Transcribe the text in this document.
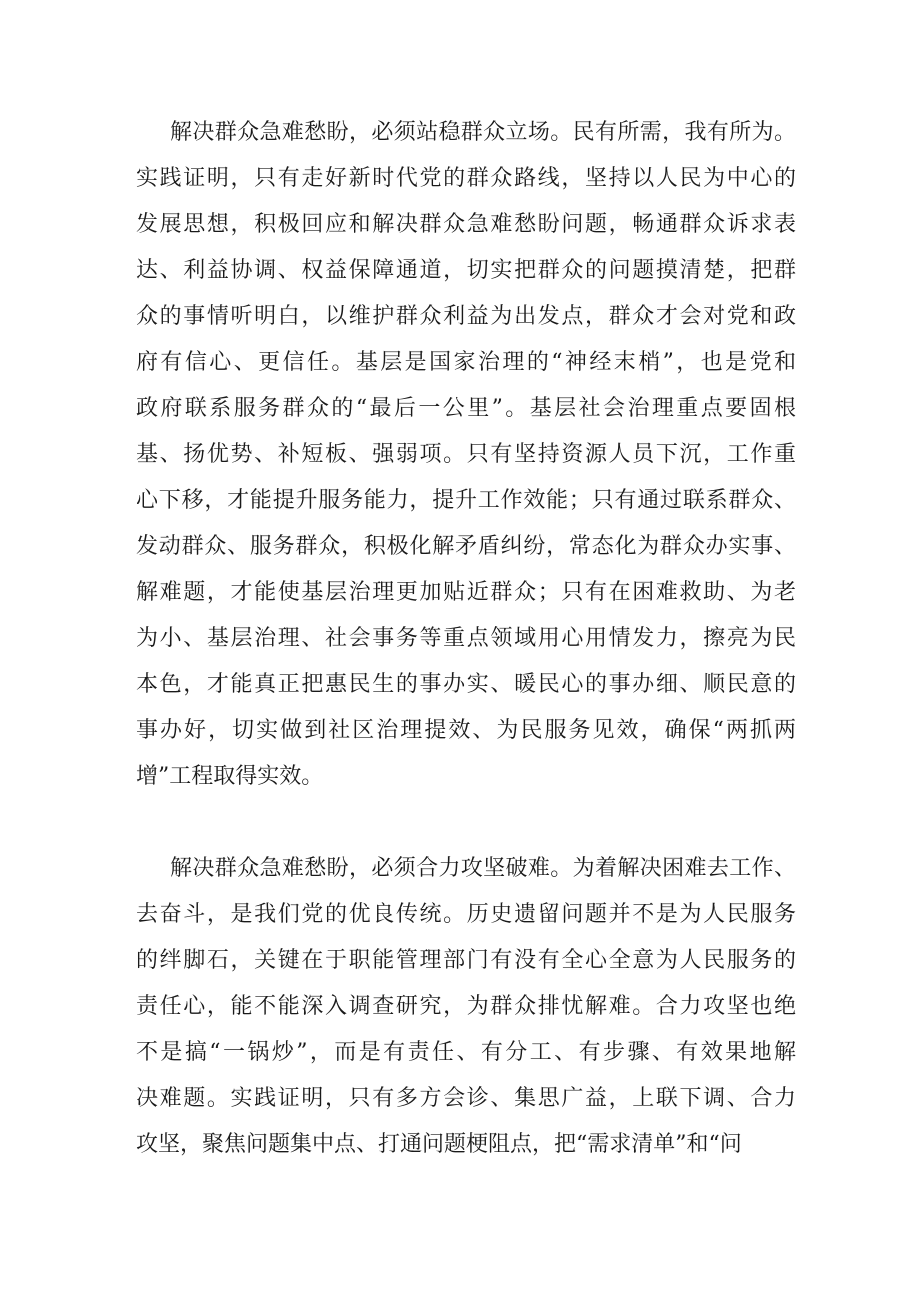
解决群众急难愁盼，必须站稳群众立场。民有所需，我有所为。
实践证明，只有走好新时代党的群众路线，坚持以人民为中心的
发展思想，积极回应和解决群众急难愁盼问题，畅通群众诉求表
达、利益协调、权益保障通道，切实把群众的问题摸清楚，把群
众的事情听明白，以维护群众利益为出发点，群众才会对党和政
府有信心、更信任。基层是国家治理的“神经末梢”，也是党和
政府联系服务群众的“最后一公里”。基层社会治理重点要固根
基、扬优势、补短板、强弱项。只有坚持资源人员下沉，工作重
心下移，才能提升服务能力，提升工作效能；只有通过联系群众、
发动群众、服务群众，积极化解矛盾纠纷，常态化为群众办实事、
解难题，才能使基层治理更加贴近群众；只有在困难救助、为老
为小、基层治理、社会事务等重点领域用心用情发力，擦亮为民
本色，才能真正把惠民生的事办实、暖民心的事办细、顺民意的
事办好，切实做到社区治理提效、为民服务见效，确保“两抓两
增”工程取得实效。
解决群众急难愁盼，必须合力攻坚破难。为着解决困难去工作、
去奋斗，是我们党的优良传统。历史遗留问题并不是为人民服务
的绊脚石，关键在于职能管理部门有没有全心全意为人民服务的
责任心，能不能深入调查研究，为群众排忧解难。合力攻坚也绝
不是搞“一锅炒”，而是有责任、有分工、有步骤、有效果地解
决难题。实践证明，只有多方会诊、集思广益，上联下调、合力
攻坚，聚焦问题集中点、打通问题梗阻点，把“需求清单”和“问
